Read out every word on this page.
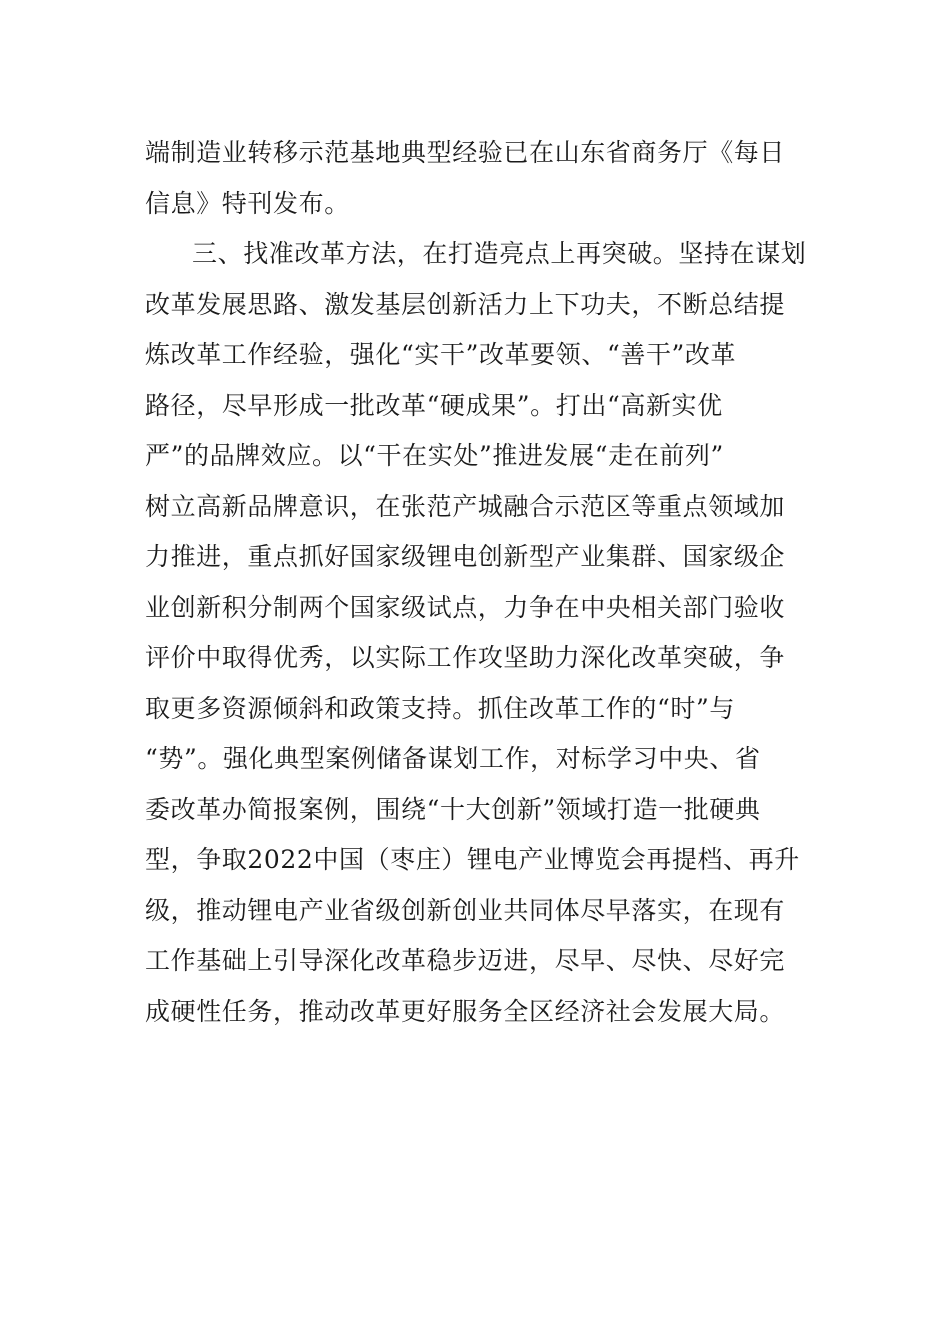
端制造业转移示范基地典型经验已在山东省商务厅《每日
信息》特刊发布。
三、找准改革方法，在打造亮点上再突破。坚持在谋划
改革发展思路、激发基层创新活力上下功夫，不断总结提
炼改革工作经验，强化“实干”改革要领、“善干”改革
路径，尽早形成一批改革“硬成果”。打出“高新实优
严”的品牌效应。以“干在实处”推进发展“走在前列”
树立高新品牌意识，在张范产城融合示范区等重点领域加
力推进，重点抓好国家级锂电创新型产业集群、国家级企
业创新积分制两个国家级试点，力争在中央相关部门验收
评价中取得优秀，以实际工作攻坚助力深化改革突破，争
取更多资源倾斜和政策支持。抓住改革工作的“时”与
“势”。强化典型案例储备谋划工作，对标学习中央、省
委改革办简报案例，围绕“十大创新”领域打造一批硬典
型，争取2022中国（枣庄）锂电产业博览会再提档、再升
级，推动锂电产业省级创新创业共同体尽早落实，在现有
工作基础上引导深化改革稳步迈进，尽早、尽快、尽好完
成硬性任务，推动改革更好服务全区经济社会发展大局。
